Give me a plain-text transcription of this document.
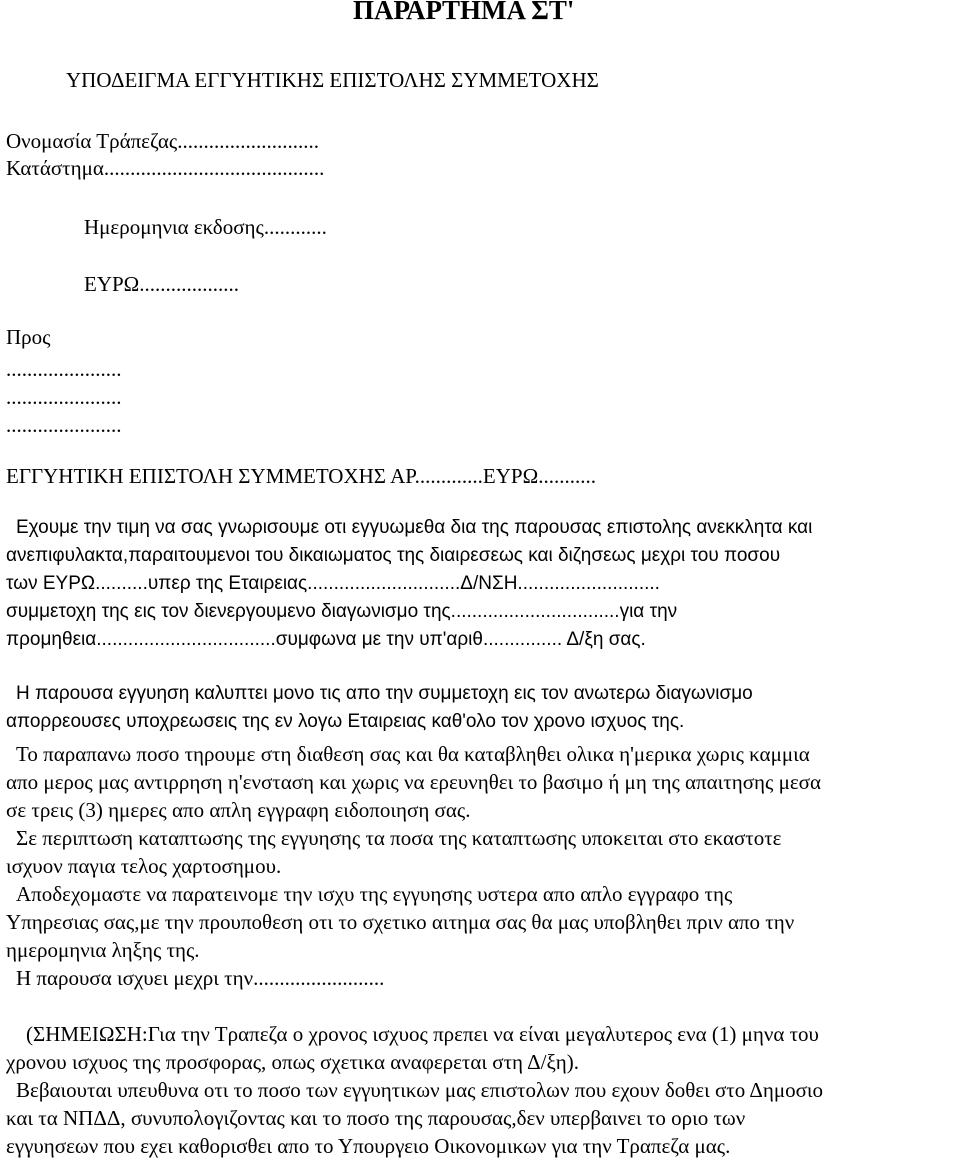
ΠΑΡΑΡΤΗΜΑ ΣΤ'
ΥΠΟΔΕΙΓΜΑ ΕΓΓΥΗΤΙΚΗΣ ΕΠΙΣΤΟΛΗΣ ΣΥΜΜΕΤΟΧΗΣ
Ονομασία Τράπεζας...........................
Κατάστημα..........................................
Ημερομηνια εκδοσης............
ΕΥΡΩ...................
Προς
......................
......................
......................
ΕΓΓΥΗΤΙΚΗ ΕΠΙΣΤΟΛΗ ΣΥΜΜΕΤΟΧΗΣ ΑΡ.............ΕΥΡΩ...........
Εχουμε την τιμη να σας γνωρισουμε οτι εγγυωμεθα δια της παρουσας επιστολης ανεκκλητα και
ανεπιφυλακτα,παραιτουμενοι του δικαιωματος της διαιρεσεως και διζησεως μεχρι του ποσου
των ΕΥΡΩ..........υπερ της Εταιρειας.............................Δ/ΝΣΗ...........................
συμμετοχη της εις τον διενεργουμενο διαγωνισμο της................................για την
προμηθεια..................................συμφωνα με την υπ'αριθ............... Δ/ξη σας.
Η παρουσα εγγυηση καλυπτει μονο τις απο την συμμετοχη εις τον ανωτερω διαγωνισμο
απορρεουσες υποχρεωσεις της εν λογω Εταιρειας καθ'ολο τον χρονο ισχυος της.
Το παραπανω ποσο τηρουμε στη διαθεση σας και θα καταβληθει ολικα η'μερικα χωρις καμμια
απο μερος μας αντιρρηση η'ενσταση και χωρις να ερευνηθει το βασιμο ή μη της απαιτησης μεσα
σε τρεις (3) ημερες απο απλη εγγραφη ειδοποιηση σας.
Σε περιπτωση καταπτωσης της εγγυησης τα ποσα της καταπτωσης υποκειται στο εκαστοτε
ισχυον παγια τελος χαρτοσημου.
Αποδεχομαστε να παρατεινομε την ισχυ της εγγυησης υστερα απο απλο εγγραφο της
Υπηρεσιας σας,με την προυποθεση οτι το σχετικο αιτημα σας θα μας υποβληθει πριν απο την
ημερομηνια ληξης της.
Η παρουσα ισχυει μεχρι την.........................
(ΣΗΜΕΙΩΣΗ:Για την Τραπεζα ο χρονος ισχυος πρεπει να είναι μεγαλυτερος ενα (1) μηνα του
χρονου ισχυος της προσφορας, οπως σχετικα αναφερεται στη Δ/ξη).
Βεβαιουται υπευθυνα οτι το ποσο των εγγυητικων μας επιστολων που εχουν δοθει στο Δημοσιο
και τα ΝΠΔΔ, συνυπολογιζοντας και το ποσο της παρουσας,δεν υπερβαινει το οριο των
εγγυησεων που εχει καθορισθει απο το Υπουργειο Οικονομικων για την Τραπεζα μας.
